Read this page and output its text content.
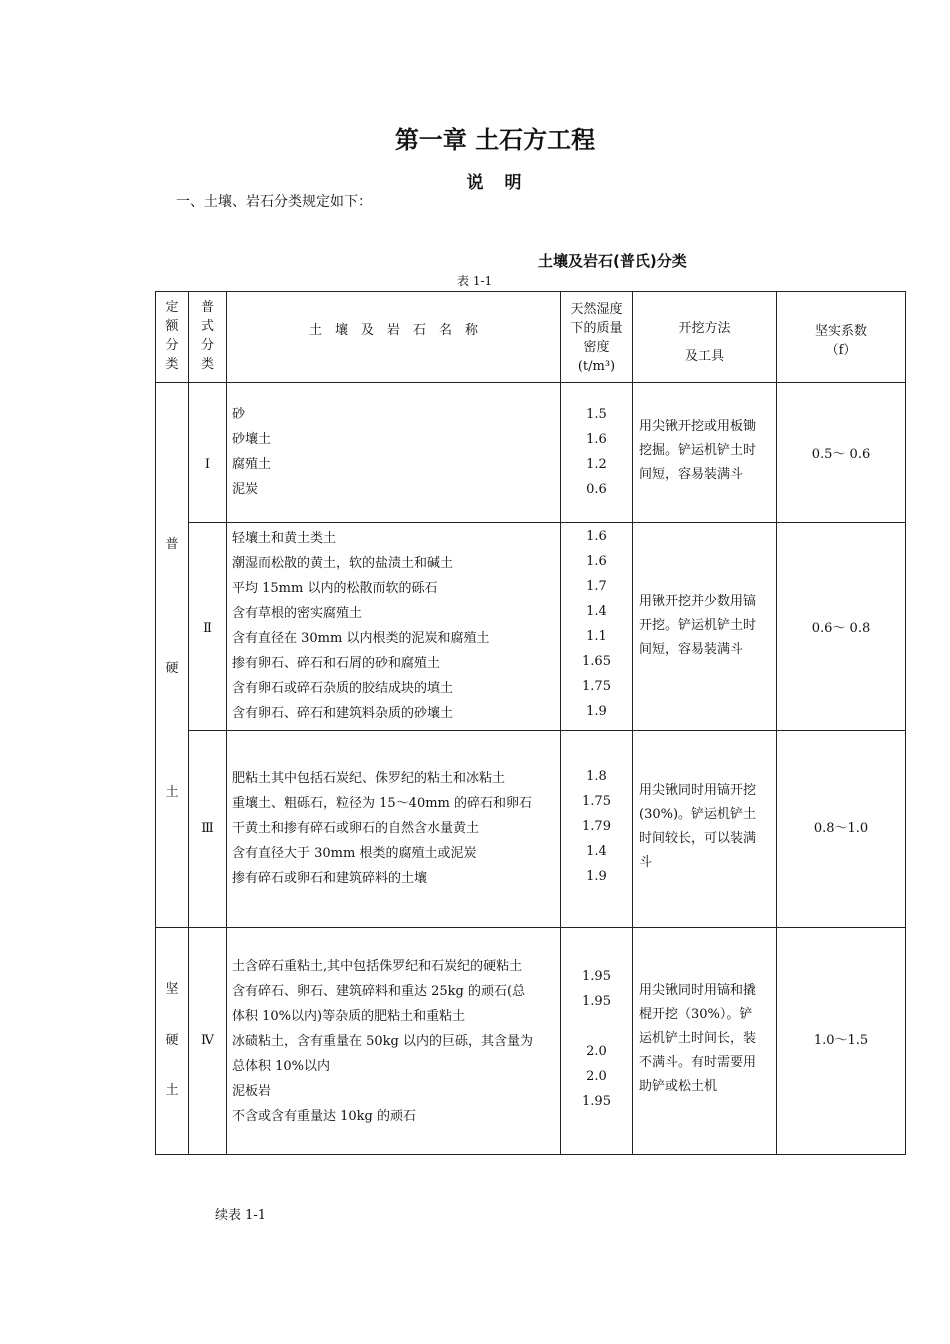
第一章 土石方工程
说　明
一、土壤、岩石分类规定如下：
土壤及岩石(普氏)分类
表 1-1
定
额
分
类
普
式
分
类
土　壤　及　岩　石　名　称
天然湿度
下的质量
密度
(t/m³)
开挖方法
及工具
坚实系数
（f）
普
硬
土
坚
硬
土
Ⅰ
砂
砂壤土
腐殖土
泥炭
1.5
1.6
1.2
0.6
用尖锹开挖或用板锄
挖掘。铲运机铲土时
间短，容易装满斗
0.5～ 0.6
Ⅱ
轻壤土和黄土类土
潮湿而松散的黄土，软的盐渍土和碱土
平均 15mm 以内的松散而软的砾石
含有草根的密实腐殖土
含有直径在 30mm 以内根类的泥炭和腐殖土
掺有卵石、碎石和石屑的砂和腐殖土
含有卵石或碎石杂质的胶结成块的填土
含有卵石、碎石和建筑料杂质的砂壤土
1.6
1.6
1.7
1.4
1.1
1.65
1.75
1.9
用锹开挖并少数用镐
开挖。铲运机铲土时
间短，容易装满斗
0.6～ 0.8
Ⅲ
肥粘土其中包括石炭纪、侏罗纪的粘土和冰粘土
重壤土、粗砾石，粒径为 15～40mm 的碎石和卵石
干黄土和掺有碎石或卵石的自然含水量黄土
含有直径大于 30mm 根类的腐殖土或泥炭
掺有碎石或卵石和建筑碎料的土壤
1.8
1.75
1.79
1.4
1.9
用尖锹同时用镐开挖
(30%)。铲运机铲土
时间较长，可以装满
斗
0.8～1.0
Ⅳ
土含碎石重粘土,其中包括侏罗纪和石炭纪的硬粘土
含有碎石、卵石、建筑碎料和重达 25kg 的顽石(总
体积 10%以内)等杂质的肥粘土和重粘土
冰碛粘土，含有重量在 50kg 以内的巨砾，其含量为
总体积 10%以内
泥板岩
不含或含有重量达 10kg 的顽石
1.95
1.95
2.0
2.0
1.95
用尖锹同时用镐和撬
棍开挖（30%）。铲
运机铲土时间长，装
不满斗。有时需要用
助铲或松土机
1.0～1.5
续表 1-1
